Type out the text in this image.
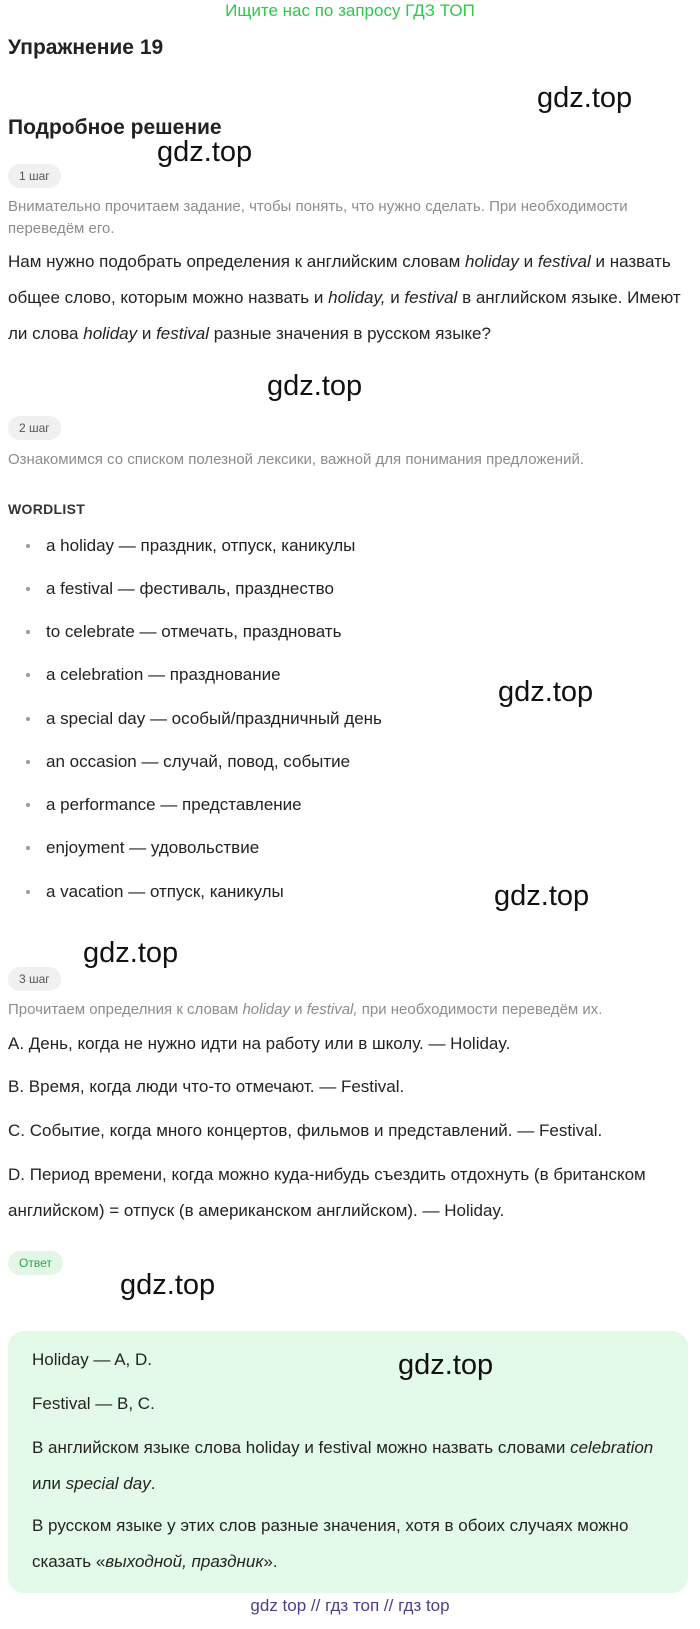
Ищите нас по запросу ГДЗ ТОП
Упражнение 19
Подробное решение
gdz.top
gdz.top
gdz.top
gdz.top
gdz.top
gdz.top
gdz.top
1 шаг
Внимательно прочитаем задание, чтобы понять, что нужно сделать. При необходимости переведём его.
Нам нужно подобрать определения к английским словам holiday и festival и назвать общее слово, которым можно назвать и holiday, и festival в английском языке. Имеют ли слова holiday и festival разные значения в русском языке?
2 шаг
Ознакомимся со списком полезной лексики, важной для понимания предложений.
WORDLIST
a holiday — праздник, отпуск, каникулы
a festival — фестиваль, празднество
to celebrate — отмечать, праздновать
a celebration — празднование
a special day — особый/праздничный день
an occasion — случай, повод, событие
a performance — представление
enjoyment — удовольствие
a vacation — отпуск, каникулы
3 шаг
Прочитаем определния к словам holiday и festival, при необходимости переведём их.
A. День, когда не нужно идти на работу или в школу. — Holiday.
B. Время, когда люди что-то отмечают. — Festival.
C. Событие, когда много концертов, фильмов и представлений. — Festival.
D. Период времени, когда можно куда-нибудь съездить отдохнуть (в британском английском) = отпуск (в американском английском). — Holiday.
Ответ
Holiday — A, D.
Festival — B, C.
В английском языке слова holiday и festival можно назвать словами celebration или special day.
В русском языке у этих слов разные значения, хотя в обоих случаях можно сказать «выходной, праздник».
gdz.top
gdz top // гдз топ // гдз top
